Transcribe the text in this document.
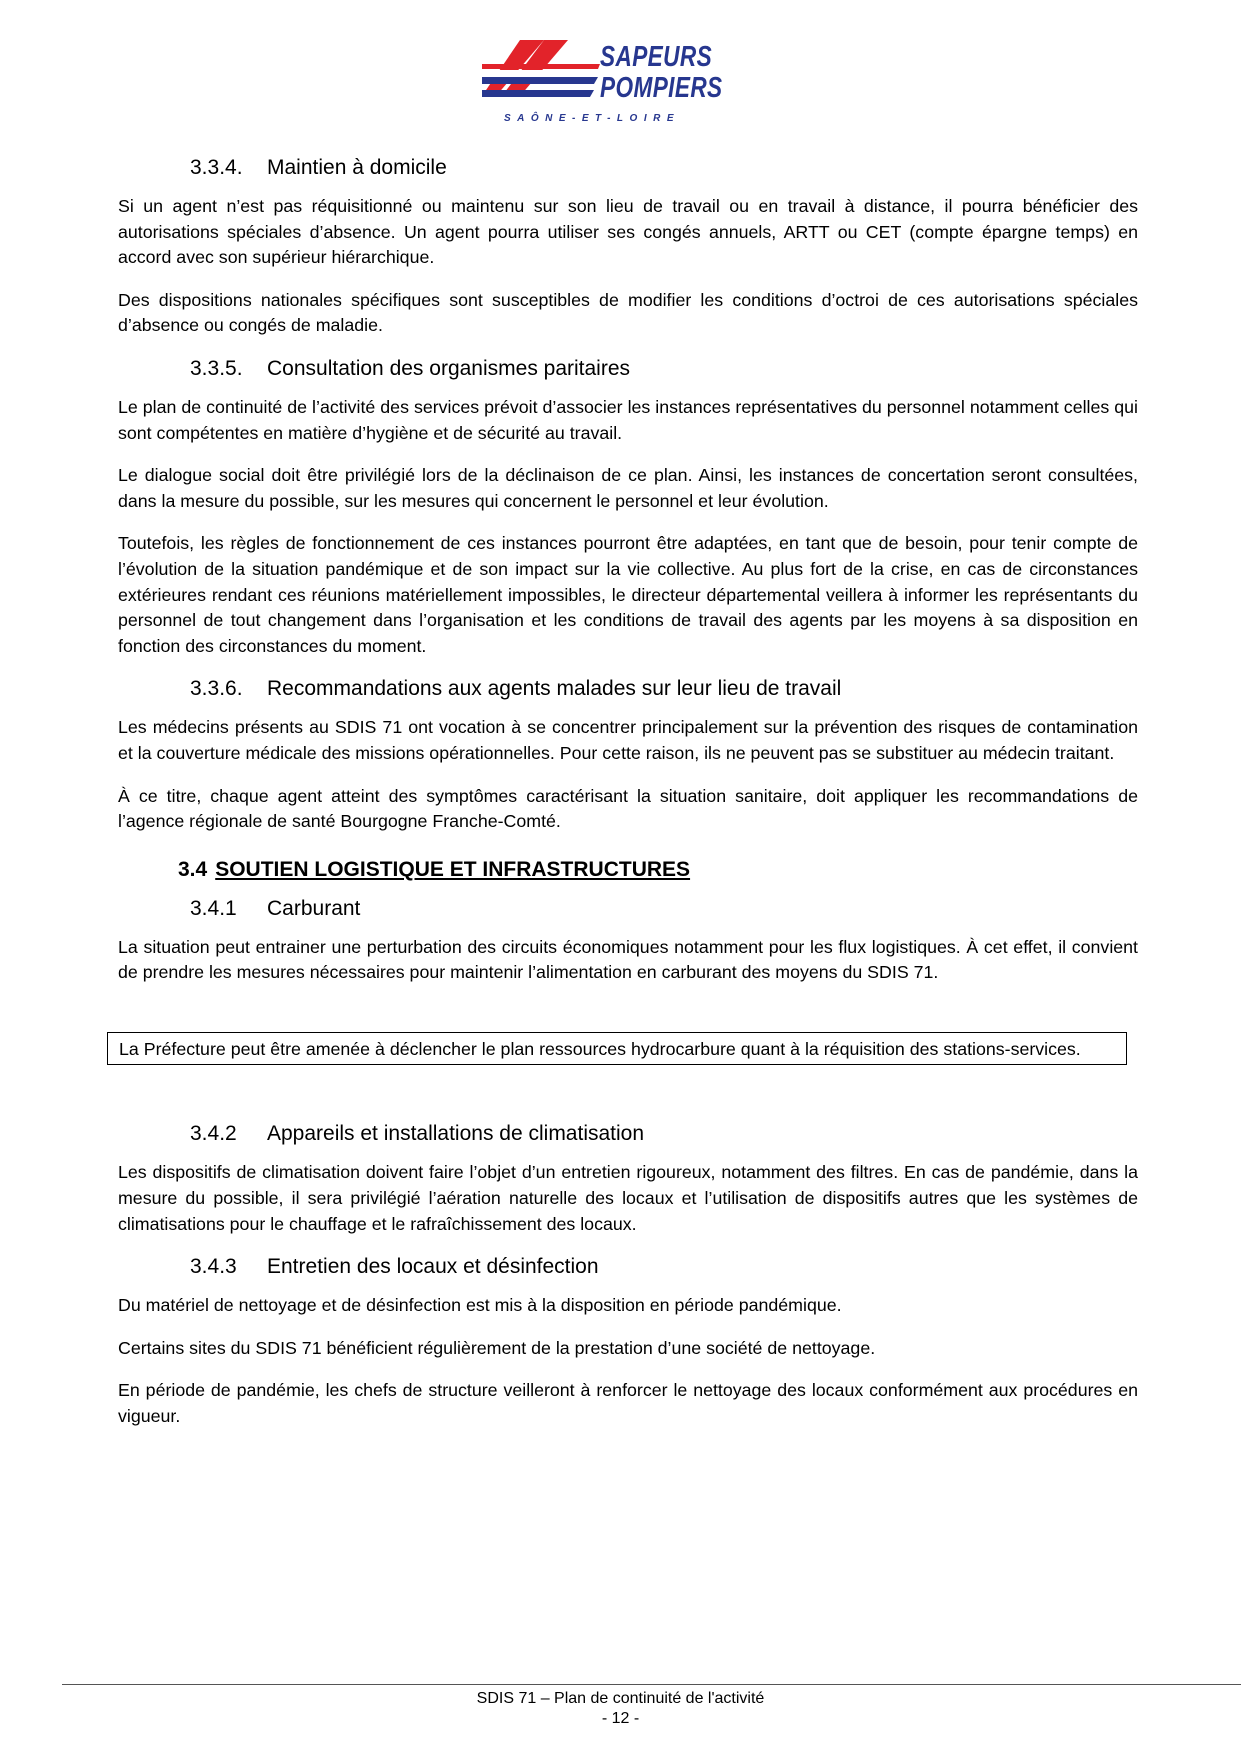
SAPEURS
POMPIERS
SAÔNE-ET-LOIRE
3.3.4. Maintien à domicile

Si un agent n’est pas réquisitionné ou maintenu sur son lieu de travail ou en travail à distance, il pourra bénéficier des autorisations spéciales d’absence. Un agent pourra utiliser ses congés annuels, ARTT ou CET (compte épargne temps) en accord avec son supérieur hiérarchique.

Des dispositions nationales spécifiques sont susceptibles de modifier les conditions d’octroi de ces autorisations spéciales d’absence ou congés de maladie.

3.3.5. Consultation des organismes paritaires

Le plan de continuité de l’activité des services prévoit d’associer les instances représentatives du personnel notamment celles qui sont compétentes en matière d’hygiène et de sécurité au travail.

Le dialogue social doit être privilégié lors de la déclinaison de ce plan. Ainsi, les instances de concertation seront consultées, dans la mesure du possible, sur les mesures qui concernent le personnel et leur évolution.

Toutefois, les règles de fonctionnement de ces instances pourront être adaptées, en tant que de besoin, pour tenir compte de l’évolution de la situation pandémique et de son impact sur la vie collective. Au plus fort de la crise, en cas de circonstances extérieures rendant ces réunions matériellement impossibles, le directeur départemental veillera à informer les représentants du personnel de tout changement dans l’organisation et les conditions de travail des agents par les moyens à sa disposition en fonction des circonstances du moment.

3.3.6. Recommandations aux agents malades sur leur lieu de travail

Les médecins présents au SDIS 71 ont vocation à se concentrer principalement sur la prévention des risques de contamination et la couverture médicale des missions opérationnelles. Pour cette raison, ils ne peuvent pas se substituer au médecin traitant.

À ce titre, chaque agent atteint des symptômes caractérisant la situation sanitaire, doit appliquer les recommandations de l’agence régionale de santé Bourgogne Franche-Comté.

3.4 SOUTIEN LOGISTIQUE ET INFRASTRUCTURES
3.4.1 Carburant

La situation peut entrainer une perturbation des circuits économiques notamment pour les flux logistiques. À cet effet, il convient de prendre les mesures nécessaires pour maintenir l’alimentation en carburant des moyens du SDIS 71.

La Préfecture peut être amenée à déclencher le plan ressources hydrocarbure quant à la réquisition des stations-services.

3.4.2 Appareils et installations de climatisation

Les dispositifs de climatisation doivent faire l’objet d’un entretien rigoureux, notamment des filtres. En cas de pandémie, dans la mesure du possible, il sera privilégié l’aération naturelle des locaux et l’utilisation de dispositifs autres que les systèmes de climatisations pour le chauffage et le rafraîchissement des locaux.

3.4.3 Entretien des locaux et désinfection

Du matériel de nettoyage et de désinfection est mis à la disposition en période pandémique.

Certains sites du SDIS 71 bénéficient régulièrement de la prestation d’une société de nettoyage.

En période de pandémie, les chefs de structure veilleront à renforcer le nettoyage des locaux conformément aux procédures en vigueur.

SDIS 71 – Plan de continuité de l'activité
- 12 -
